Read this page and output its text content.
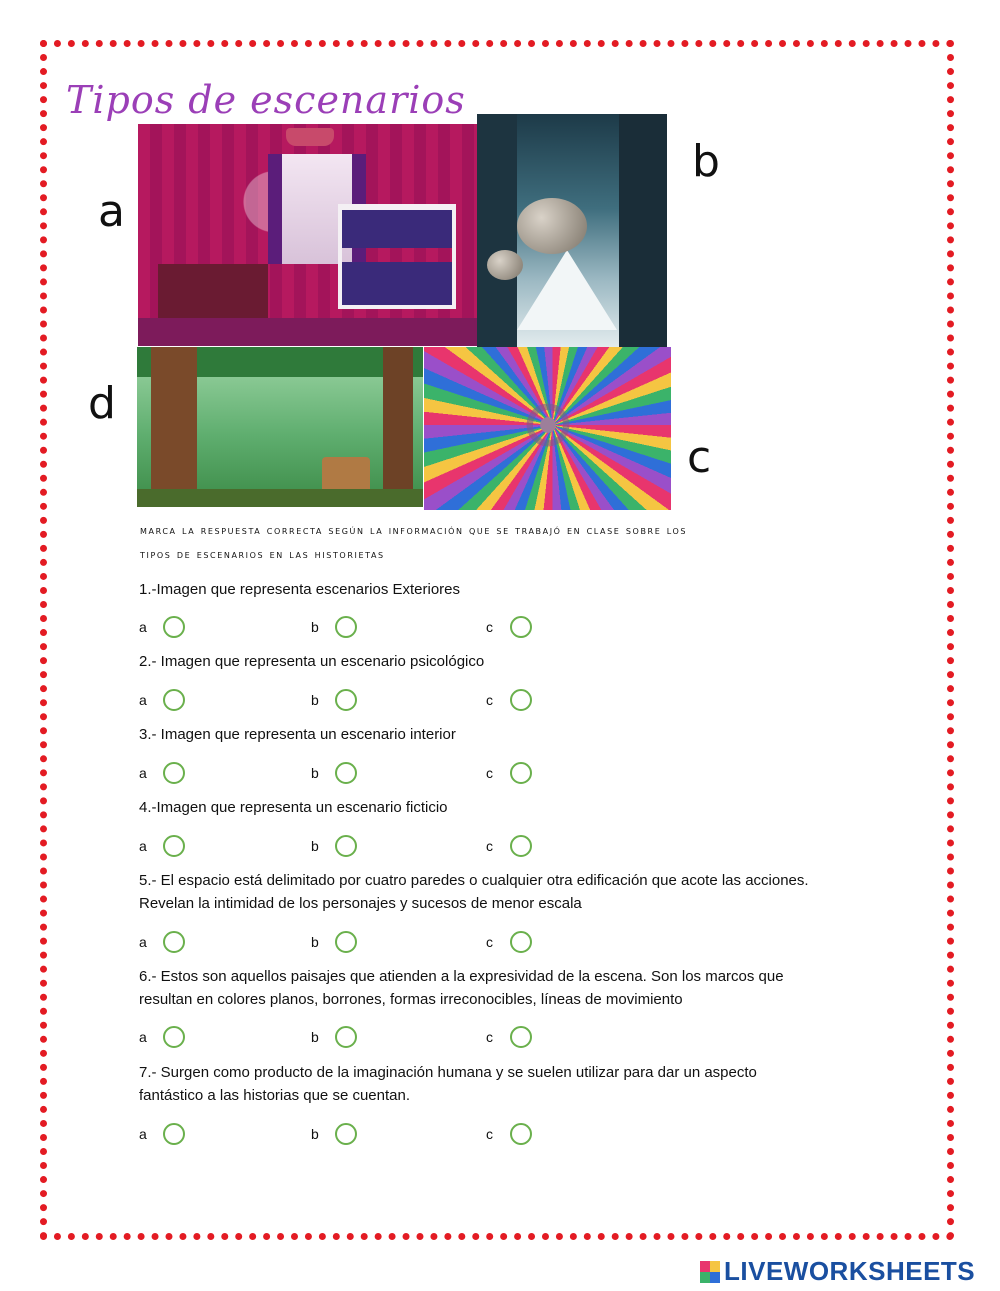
Tipos de escenarios
a
b
d
c
marca la respuesta correcta según la información que se trabajó en clase sobre los
tipos de escenarios en las historietas
1.-Imagen que representa escenarios Exteriores
a	b	c
2.- Imagen que representa un escenario psicológico
a	b	c
3.- Imagen que representa un escenario interior
a	b	c
4.-Imagen que representa un escenario ficticio
a	b	c
5.- El espacio está delimitado por cuatro paredes o cualquier otra edificación que acote las acciones.
Revelan la intimidad de los personajes y sucesos de menor escala
a	b	c
6.- Estos son aquellos paisajes que atienden a la expresividad de la escena. Son los marcos que
resultan en colores planos, borrones, formas irreconocibles, líneas de movimiento
a	b	c
7.- Surgen como producto de la imaginación humana y se suelen utilizar para dar un aspecto
fantástico a las historias que se cuentan.
a	b	c
LIVEWORKSHEETS
